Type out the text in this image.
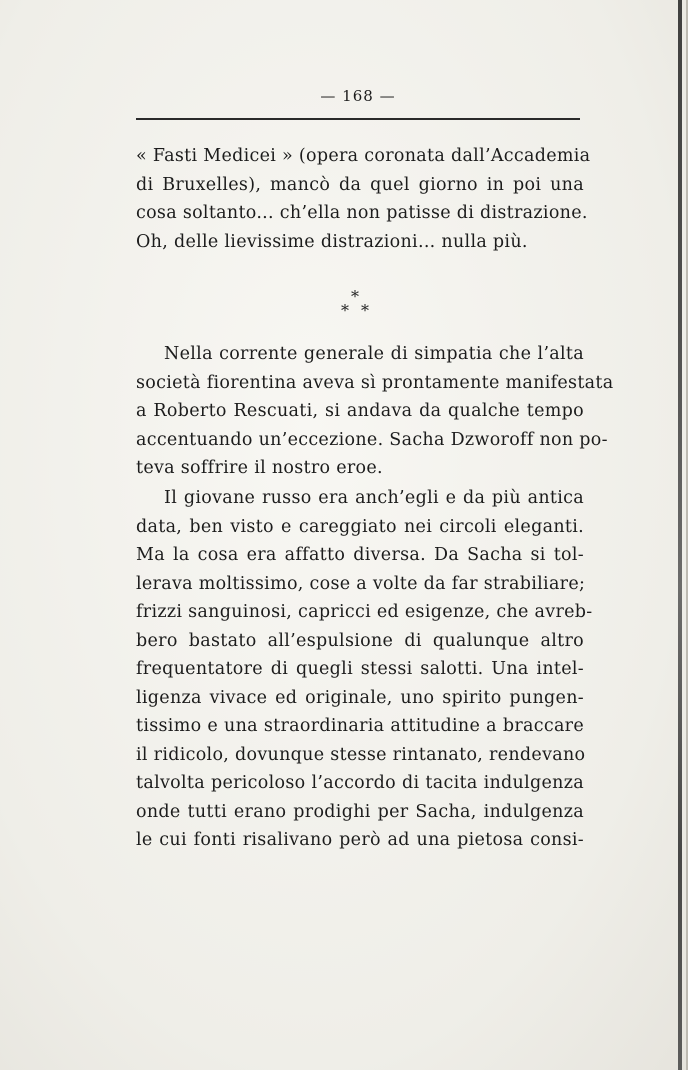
— 168 —
« Fasti Medicei » (opera coronata dall’Accademia
di Bruxelles), mancò da quel giorno in poi una
cosa soltanto... ch’ella non patisse di distrazione.
Oh, delle lievissime distrazioni... nulla più.
*
* *
Nella corrente generale di simpatia che l’alta
società fiorentina aveva sì prontamente manifestata
a Roberto Rescuati, si andava da qualche tempo
accentuando un’eccezione. Sacha Dzworoff non po-
teva soffrire il nostro eroe.
Il giovane russo era anch’egli e da più antica
data, ben visto e careggiato nei circoli eleganti.
Ma la cosa era affatto diversa. Da Sacha si tol-
lerava moltissimo, cose a volte da far strabiliare;
frizzi sanguinosi, capricci ed esigenze, che avreb-
bero bastato all’espulsione di qualunque altro
frequentatore di quegli stessi salotti. Una intel-
ligenza vivace ed originale, uno spirito pungen-
tissimo e una straordinaria attitudine a braccare
il ridicolo, dovunque stesse rintanato, rendevano
talvolta pericoloso l’accordo di tacita indulgenza
onde tutti erano prodighi per Sacha, indulgenza
le cui fonti risalivano però ad una pietosa consi-
